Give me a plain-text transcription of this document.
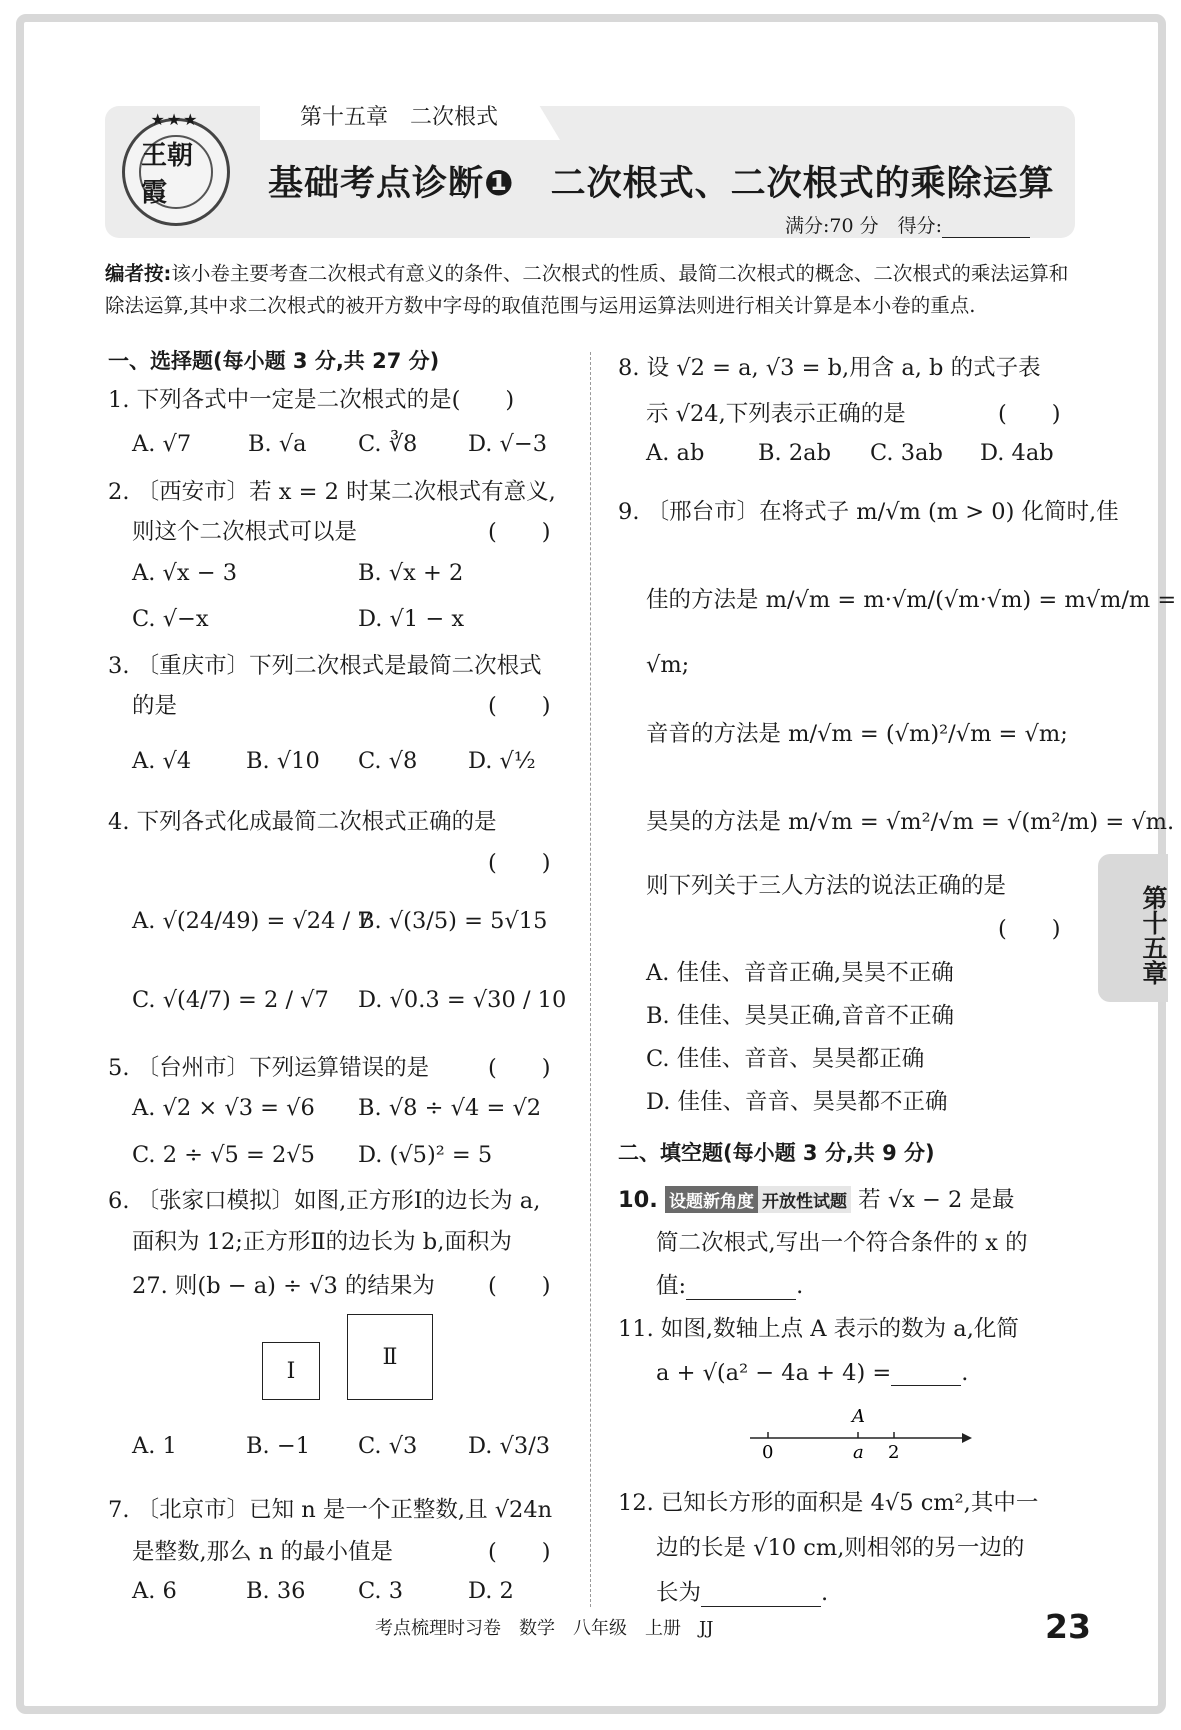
王朝霞
★★★	第十五章　二次根式
基础考点诊断❶　二次根式、二次根式的乘除运算
满分:70 分　得分:
编者按:该小卷主要考查二次根式有意义的条件、二次根式的性质、最简二次根式的概念、二次根式的乘法运算和除法运算,其中求二次根式的被开方数中字母的取值范围与运用运算法则进行相关计算是本小卷的重点.
一、选择题(每小题 3 分,共 27 分)
1. 下列各式中一定是二次根式的是(　　)
A. √7	B. √a C. ∛8 D. √−3
2. 〔西安市〕若 x = 2 时某二次根式有意义,
则这个二次根式可以是	(　　)
A. √x − 3	B. √x + 2
C. √−x	D. √1 − x
3. 〔重庆市〕下列二次根式是最简二次根式
的是	(　　)
A. √4 B. √10 C. √8 D. √½
4. 下列各式化成最简二次根式正确的是
(　　)
A. √(24/49) = √24 / 7
B. √(3/5) = 5√15
C. √(4/7) = 2 / √7 D. √0.3 = √30 / 10
5. 〔台州市〕下列运算错误的是	(　　)
A. √2 × √3 = √6 B. √8 ÷ √4 = √2
C. 2 ÷ √5 = 2√5 D. (√5)² = 5
6. 〔张家口模拟〕如图,正方形Ⅰ的边长为 a,
面积为 12;正方形Ⅱ的边长为 b,面积为
27. 则(b − a) ÷ √3 的结果为 (　　)
Ⅰ
Ⅱ
A. 1	B. −1 C. √3 D. √3/3
7. 〔北京市〕已知 n 是一个正整数,且 √24n
是整数,那么 n 的最小值是	(　　)
A. 6	B. 36 C. 3	D. 2
8. 设 √2 = a, √3 = b,用含 a, b 的式子表
示 √24,下列表示正确的是	(　　)
A. ab B. 2ab C. 3ab D. 4ab
9. 〔邢台市〕在将式子 m/√m (m > 0) 化简时,佳
佳的方法是 m/√m = m·√m/(√m·√m) = m√m/m =
√m;
音音的方法是 m/√m = (√m)²/√m = √m;
昊昊的方法是 m/√m = √m²/√m = √(m²/m) = √m.
则下列关于三人方法的说法正确的是
(　　)
A. 佳佳、音音正确,昊昊不正确
B. 佳佳、昊昊正确,音音不正确
C. 佳佳、音音、昊昊都正确
D. 佳佳、音音、昊昊都不正确
二、填空题(每小题 3 分,共 9 分)
10. 设题新角度 开放性试题 若 √x − 2 是最
简二次根式,写出一个符合条件的 x 的
值:	.
11. 如图,数轴上点 A 表示的数为 a,化简
a + √(a² − 4a + 4) =	.
0	a 2
A
12. 已知长方形的面积是 4√5 cm²,其中一
边的长是 √10 cm,则相邻的另一边的
长为	.
第十五章
考点梳理时习卷　数学　八年级　上册　JJ	23
